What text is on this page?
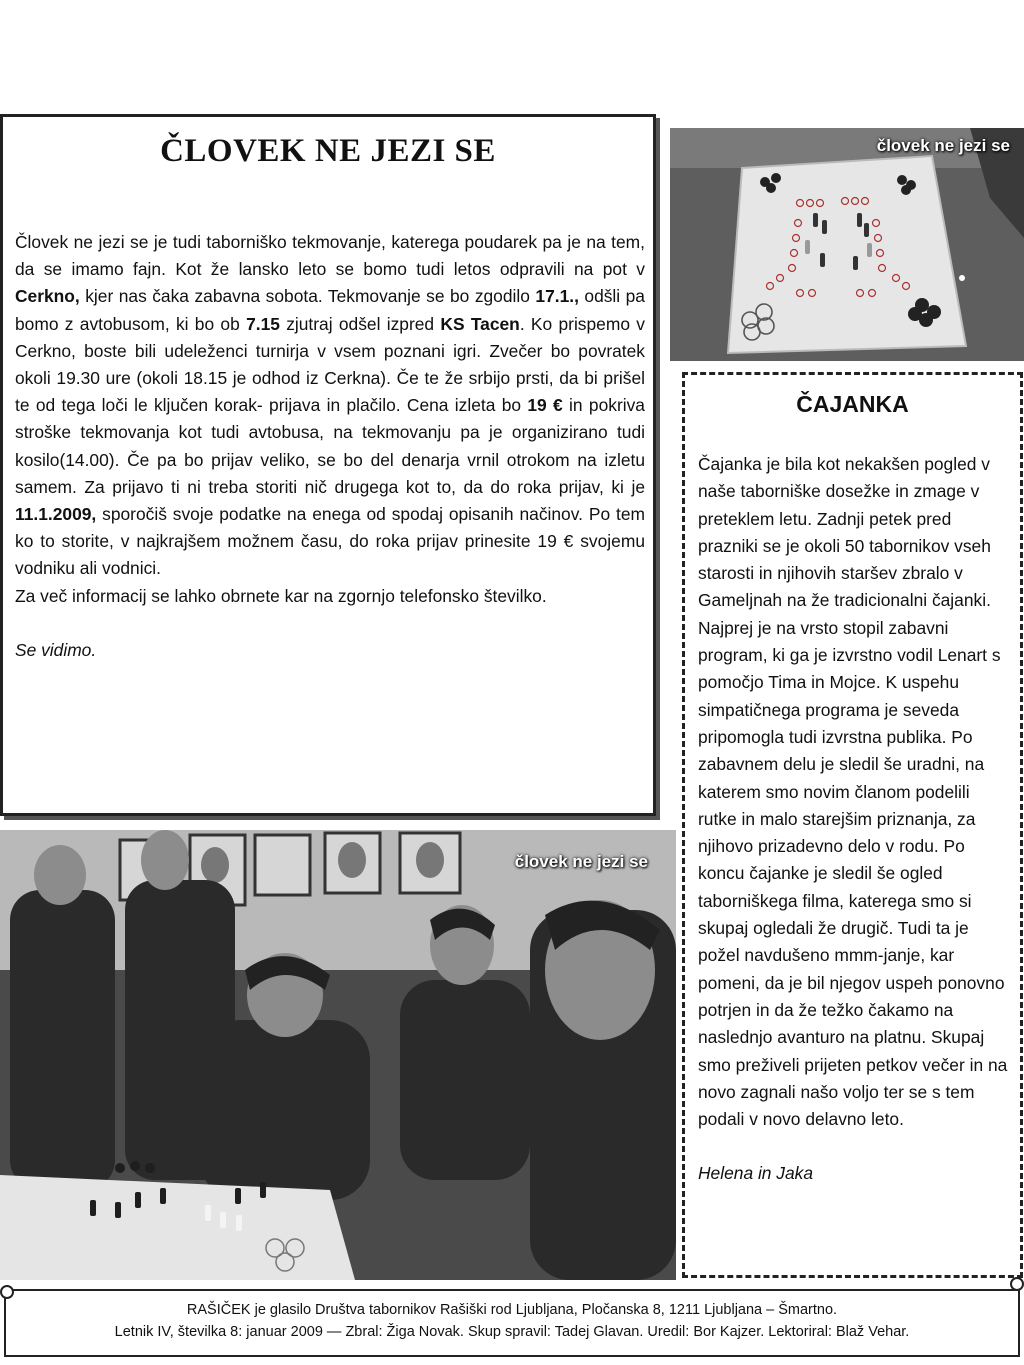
ČLOVEK NE JEZI SE

Človek ne jezi se je tudi taborniško tekmovanje, katerega poudarek pa je na tem, da se imamo fajn. Kot že lansko leto se bomo tudi letos odpravili na pot v Cerkno, kjer nas čaka zabavna sobota. Tekmovanje se bo zgodilo 17.1., odšli pa bomo z avtobusom, ki bo ob 7.15 zjutraj odšel izpred KS Tacen. Ko prispemo v Cerkno, boste bili udeleženci turnirja v vsem poznani igri. Zvečer bo povratek okoli 19.30 ure (okoli 18.15 je odhod iz Cerkna). Če te že srbijo prsti, da bi prišel te od tega loči le ključen korak- prijava in plačilo. Cena izleta bo 19 € in pokriva stroške tekmovanja kot tudi avtobusa, na tekmovanju pa je organizirano tudi kosilo(14.00). Če pa bo prijav veliko, se bo del denarja vrnil otrokom na izletu samem. Za prijavo ti ni treba storiti nič drugega kot to, da do roka prijav, ki je 11.1.2009, sporočiš svoje podatke na enega od spodaj opisanih načinov. Po tem ko to storite, v najkrajšem možnem času, do roka prijav prinesite 19 € svojemu vodniku ali vodnici.

Za več informacij se lahko obrnete kar na zgornjo telefonsko številko.

Se vidimo.

človek ne jezi se
ČAJANKA

Čajanka je bila kot nekakšen pogled v naše taborniške dosežke in zmage v preteklem letu. Zadnji petek pred prazniki se je okoli 50 tabornikov vseh starosti in njihovih staršev zbralo v Gameljnah na že tradicionalni čajanki. Najprej je na vrsto stopil zabavni program, ki ga je izvrstno vodil Lenart s pomočjo Tima in Mojce. K uspehu simpatičnega programa je seveda pripomogla tudi izvrstna publika. Po zabavnem delu je sledil še uradni, na katerem smo novim članom podelili rutke in malo starejšim priznanja, za njihovo prizadevno delo v rodu. Po koncu čajanke je sledil še ogled taborniškega filma, katerega smo si skupaj ogledali že drugič. Tudi ta je požel navdušeno mmm-janje, kar pomeni, da je bil njegov uspeh ponovno potrjen in da že težko čakamo na naslednjo avanturo na platnu. Skupaj smo preživeli prijeten petkov večer in na novo zagnali našo voljo ter se s tem podali v novo delavno leto.

Helena in Jaka

človek ne jezi se
RAŠIČEK je glasilo Društva tabornikov Rašiški rod Ljubljana, Pločanska 8, 1211 Ljubljana – Šmartno.
Letnik IV, številka 8: januar 2009 — Zbral: Žiga Novak. Skup spravil: Tadej Glavan. Uredil: Bor Kajzer. Lektoriral: Blaž Vehar.
